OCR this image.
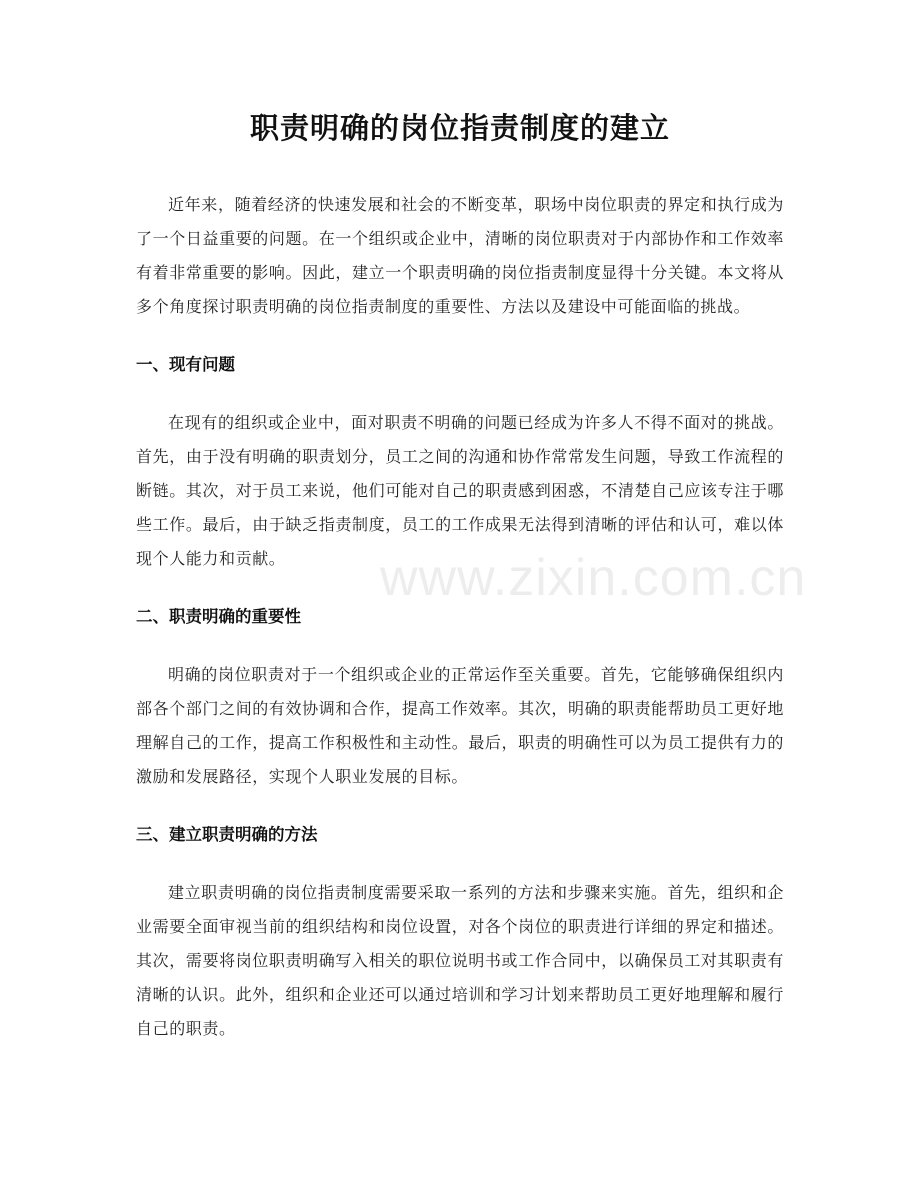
职责明确的岗位指责制度的建立

近年来，随着经济的快速发展和社会的不断变革，职场中岗位职责的界定和执行成为了一个日益重要的问题。在一个组织或企业中，清晰的岗位职责对于内部协作和工作效率有着非常重要的影响。因此，建立一个职责明确的岗位指责制度显得十分关键。本文将从多个角度探讨职责明确的岗位指责制度的重要性、方法以及建设中可能面临的挑战。

一、现有问题

在现有的组织或企业中，面对职责不明确的问题已经成为许多人不得不面对的挑战。首先，由于没有明确的职责划分，员工之间的沟通和协作常常发生问题，导致工作流程的断链。其次，对于员工来说，他们可能对自己的职责感到困惑，不清楚自己应该专注于哪些工作。最后，由于缺乏指责制度，员工的工作成果无法得到清晰的评估和认可，难以体现个人能力和贡献。

二、职责明确的重要性

明确的岗位职责对于一个组织或企业的正常运作至关重要。首先，它能够确保组织内部各个部门之间的有效协调和合作，提高工作效率。其次，明确的职责能帮助员工更好地理解自己的工作，提高工作积极性和主动性。最后，职责的明确性可以为员工提供有力的激励和发展路径，实现个人职业发展的目标。

三、建立职责明确的方法

建立职责明确的岗位指责制度需要采取一系列的方法和步骤来实施。首先，组织和企业需要全面审视当前的组织结构和岗位设置，对各个岗位的职责进行详细的界定和描述。其次，需要将岗位职责明确写入相关的职位说明书或工作合同中，以确保员工对其职责有清晰的认识。此外，组织和企业还可以通过培训和学习计划来帮助员工更好地理解和履行自己的职责。

www.zixin.com.cn
